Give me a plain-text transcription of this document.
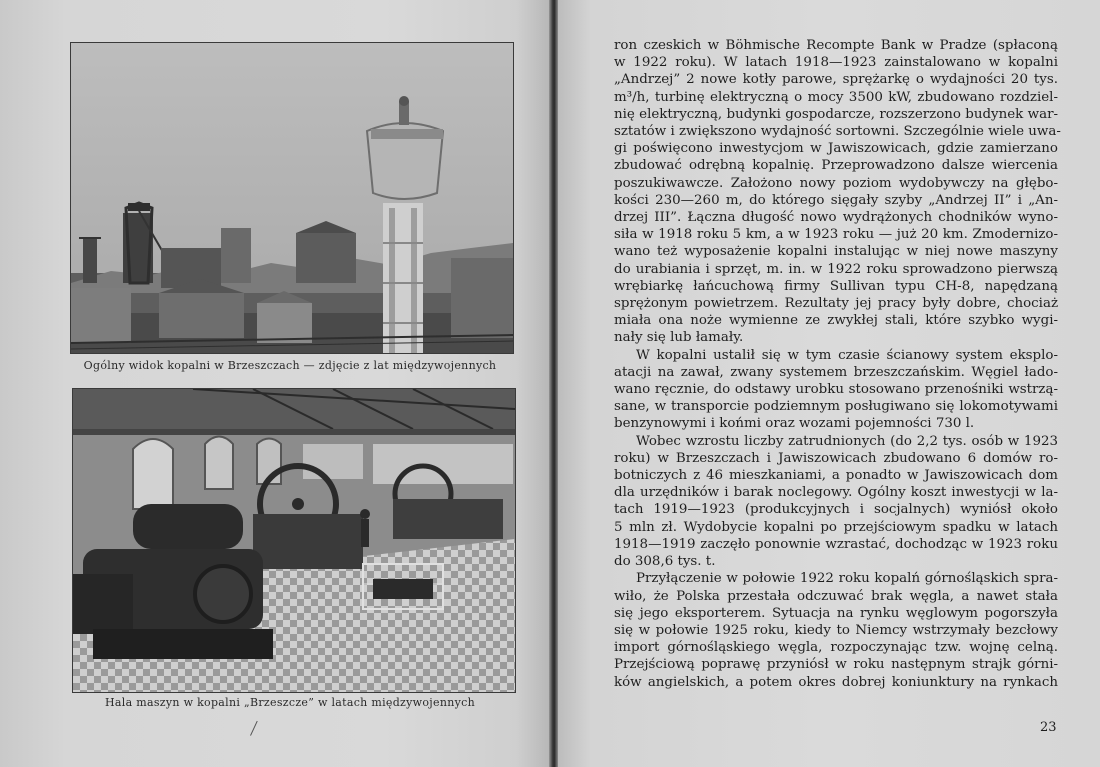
Ogólny widok kopalni w Brzeszczach — zdjęcie z lat międzywojennych
Hala maszyn w kopalni „Brzeszcze” w latach międzywojennych
ron czeskich w Böhmische Recompte Bank w Pradze (spłaconą
w 1922 roku). W latach 1918—1923 zainstalowano w kopalni
„Andrzej” 2 nowe kotły parowe, sprężarkę o wydajności 20 tys.
m³/h, turbinę elektryczną o mocy 3500 kW, zbudowano rozdziel-
nię elektryczną, budynki gospodarcze, rozszerzono budynek war-
sztatów i zwiększono wydajność sortowni. Szczególnie wiele uwa-
gi poświęcono inwestycjom w Jawiszowicach, gdzie zamierzano
zbudować odrębną kopalnię. Przeprowadzono dalsze wiercenia
poszukiwawcze. Założono nowy poziom wydobywczy na głębo-
kości 230—260 m, do którego sięgały szyby „Andrzej II” i „An-
drzej III”. Łączna długość nowo wydrążonych chodników wyno-
siła w 1918 roku 5 km, a w 1923 roku — już 20 km. Zmodernizo-
wano też wyposażenie kopalni instalując w niej nowe maszyny
do urabiania i sprzęt, m. in. w 1922 roku sprowadzono pierwszą
wrębiarkę łańcuchową firmy Sullivan typu CH-8, napędzaną
sprężonym powietrzem. Rezultaty jej pracy były dobre, chociaż
miała ona noże wymienne ze zwykłej stali, które szybko wygi-
nały się lub łamały.
W kopalni ustalił się w tym czasie ścianowy system eksplo-
atacji na zawał, zwany systemem brzeszczańskim. Węgiel łado-
wano ręcznie, do odstawy urobku stosowano przenośniki wstrzą-
sane, w transporcie podziemnym posługiwano się lokomotywami
benzynowymi i końmi oraz wozami pojemności 730 l.
Wobec wzrostu liczby zatrudnionych (do 2,2 tys. osób w 1923
roku) w Brzeszczach i Jawiszowicach zbudowano 6 domów ro-
botniczych z 46 mieszkaniami, a ponadto w Jawiszowicach dom
dla urzędników i barak noclegowy. Ogólny koszt inwestycji w la-
tach 1919—1923 (produkcyjnych i socjalnych) wyniósł około
5 mln zł. Wydobycie kopalni po przejściowym spadku w latach
1918—1919 zaczęło ponownie wzrastać, dochodząc w 1923 roku
do 308,6 tys. t.
Przyłączenie w połowie 1922 roku kopalń górnośląskich spra-
wiło, że Polska przestała odczuwać brak węgla, a nawet stała
się jego eksporterem. Sytuacja na rynku węglowym pogorszyła
się w połowie 1925 roku, kiedy to Niemcy wstrzymały bezcłowy
import górnośląskiego węgla, rozpoczynając tzw. wojnę celną.
Przejściową poprawę przyniósł w roku następnym strajk górni-
ków angielskich, a potem okres dobrej koniunktury na rynkach
23
